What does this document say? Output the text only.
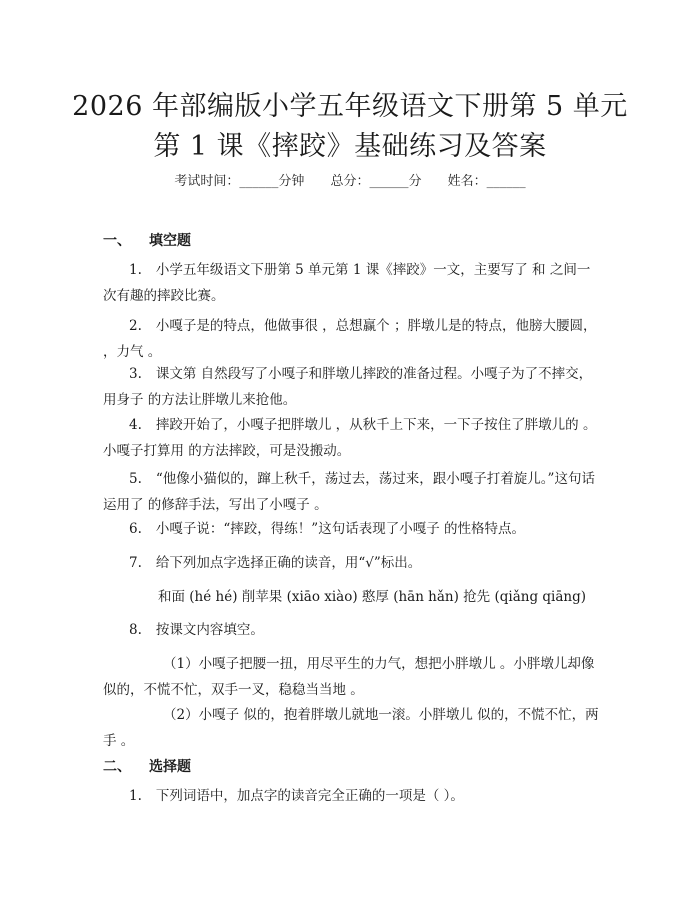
2026 年部编版小学五年级语文下册第 5 单元
第 1 课《摔跤》基础练习及答案
考试时间：______分钟 总分：______分 姓名：______
一、 填空题

1. 小学五年级语文下册第 5 单元第 1 课《摔跤》一文，主要写了 和 之间一次有趣的摔跤比赛。

2. 小嘎子是的特点，他做事很 ，总想赢个 ；胖墩儿是的特点，他膀大腰圆， ，力气 。

3. 课文第 自然段写了小嘎子和胖墩儿摔跤的准备过程。小嘎子为了不摔交，用身子 的方法让胖墩儿来抢他。

4. 摔跤开始了，小嘎子把胖墩儿 ，从秋千上下来，一下子按住了胖墩儿的 。小嘎子打算用 的方法摔跤，可是没搬动。

5. “他像小猫似的，蹿上秋千，荡过去，荡过来，跟小嘎子打着旋儿。”这句话运用了 的修辞手法，写出了小嘎子 。

6. 小嘎子说：“摔跤，得练！”这句话表现了小嘎子 的性格特点。

7. 给下列加点字选择正确的读音，用“√”标出。

和面 (hé hé) 削苹果 (xiāo xiào) 憨厚 (hān hǎn) 抢先 (qiǎng qiāng)

8. 按课文内容填空。

（1）小嘎子把腰一扭，用尽平生的力气，想把小胖墩儿 。小胖墩儿却像似的，不慌不忙，双手一叉，稳稳当当地 。

（2）小嘎子 似的，抱着胖墩儿就地一滚。小胖墩儿 似的，不慌不忙，两手 。

二、 选择题

1. 下列词语中，加点字的读音完全正确的一项是（ ）。
